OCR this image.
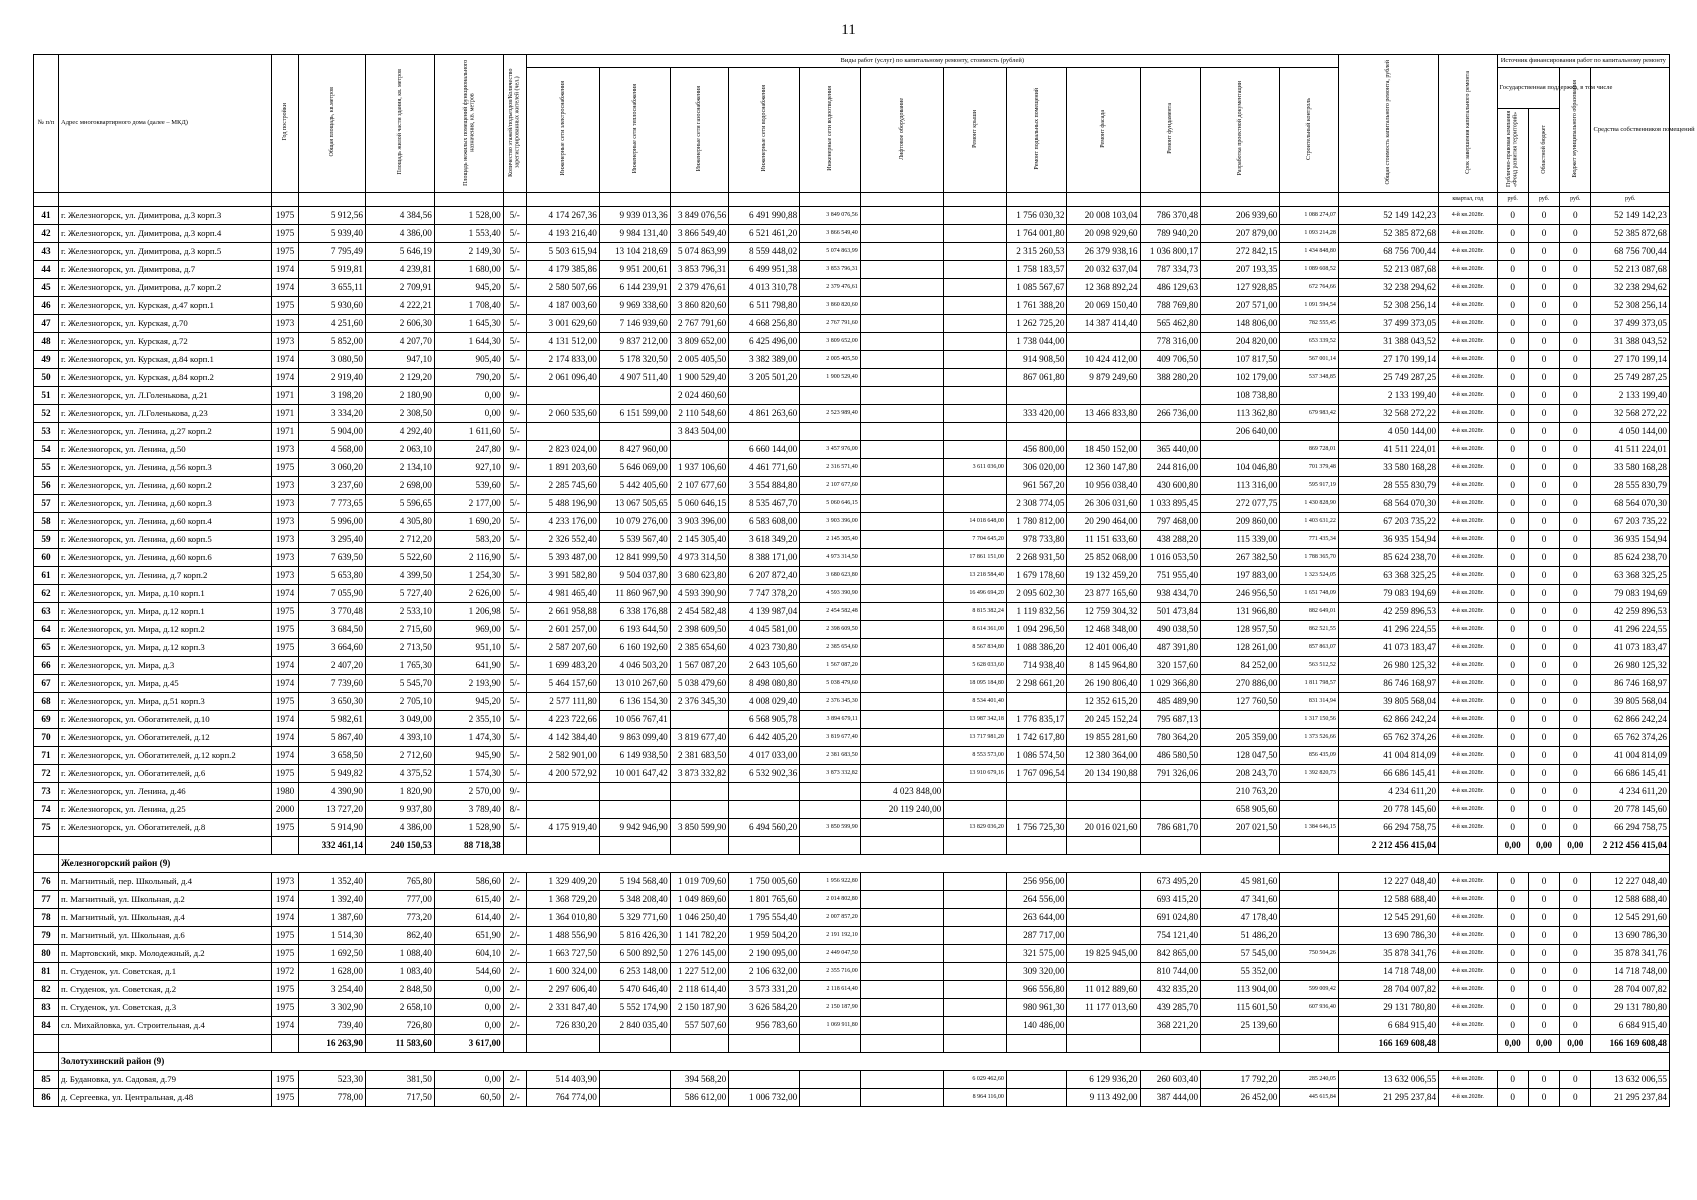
11
№ п/п	Адрес многоквартирного дома (далее – МКД)	Год постройки	Общая площадь, кв.метров	Площадь жилой части здания, кв. метров	Площадь нежилых помещений функционального назначения, кв. метров	Количество этажей/подъездов/Количество зарегистрированных жителей (чел.)	Виды работ (услуг) по капитальному ремонту, стоимость (рублей)												Общая стоимость капитального ремонта, рублей	Срок завершения капитального ремонта	Источник финансирования работ по капитальному ремонту			
							Инженерные сети электроснабжения	Инженерные сети теплоснабжения	Инженерные сети газоснабжения	Инженерные сети водоснабжения	Инженерные сети водоотведения	Лифтовое оборудование	Ремонт крыши	Ремонт подвальных помещений	Ремонт фасада	Ремонт фундамента	Разработка проектной документации	Строительный контроль			Государственная поддержка, в том числе		Бюджет муниципального образования	Средства собственников помещений
																					Публично-правовая компания «Фонд развития территорий»	Областной бюджет		
																				квартал, год	руб.	руб.	руб.	руб.
41	г. Железногорск, ул. Димитрова, д.3 корп.3	1975	5 912,56	4 384,56	1 528,00	5/-	4 174 267,36	9 939 013,36	3 849 076,56	6 491 990,88	3 849 076,56			1 756 030,32	20 008 103,04	786 370,48	206 939,60	1 088 274,07	52 149 142,23	4-й кв.2028г.	0	0	0	52 149 142,23
42	г. Железногорск, ул. Димитрова, д.3 корп.4	1975	5 939,40	4 386,00	1 553,40	5/-	4 193 216,40	9 984 131,40	3 866 549,40	6 521 461,20	3 866 549,40			1 764 001,80	20 098 929,60	789 940,20	207 879,00	1 093 214,28	52 385 872,68	4-й кв.2028г.	0	0	0	52 385 872,68
43	г. Железногорск, ул. Димитрова, д.3 корп.5	1975	7 795,49	5 646,19	2 149,30	5/-	5 503 615,94	13 104 218,69	5 074 863,99	8 559 448,02	5 074 863,99			2 315 260,53	26 379 938,16	1 036 800,17	272 842,15	1 434 848,80	68 756 700,44	4-й кв.2028г.	0	0	0	68 756 700,44
44	г. Железногорск, ул. Димитрова, д.7	1974	5 919,81	4 239,81	1 680,00	5/-	4 179 385,86	9 951 200,61	3 853 796,31	6 499 951,38	3 853 796,31			1 758 183,57	20 032 637,04	787 334,73	207 193,35	1 089 608,52	52 213 087,68	4-й кв.2028г.	0	0	0	52 213 087,68
45	г. Железногорск, ул. Димитрова, д.7 корп.2	1974	3 655,11	2 709,91	945,20	5/-	2 580 507,66	6 144 239,91	2 379 476,61	4 013 310,78	2 379 476,61			1 085 567,67	12 368 892,24	486 129,63	127 928,85	672 764,66	32 238 294,62	4-й кв.2028г.	0	0	0	32 238 294,62
46	г. Железногорск, ул. Курская, д.47 корп.1	1975	5 930,60	4 222,21	1 708,40	5/-	4 187 003,60	9 969 338,60	3 860 820,60	6 511 798,80	3 860 820,60			1 761 388,20	20 069 150,40	788 769,80	207 571,00	1 091 594,54	52 308 256,14	4-й кв.2028г.	0	0	0	52 308 256,14
47	г. Железногорск, ул. Курская, д.70	1973	4 251,60	2 606,30	1 645,30	5/-	3 001 629,60	7 146 939,60	2 767 791,60	4 668 256,80	2 767 791,60			1 262 725,20	14 387 414,40	565 462,80	148 806,00	782 555,45	37 499 373,05	4-й кв.2028г.	0	0	0	37 499 373,05
48	г. Железногорск, ул. Курская, д.72	1973	5 852,00	4 207,70	1 644,30	5/-	4 131 512,00	9 837 212,00	3 809 652,00	6 425 496,00	3 809 652,00			1 738 044,00		778 316,00	204 820,00	653 339,52	31 388 043,52	4-й кв.2028г.	0	0	0	31 388 043,52
49	г. Железногорск, ул. Курская, д.84 корп.1	1974	3 080,50	947,10	905,40	5/-	2 174 833,00	5 178 320,50	2 005 405,50	3 382 389,00	2 005 405,50			914 908,50	10 424 412,00	409 706,50	107 817,50	567 001,14	27 170 199,14	4-й кв.2028г.	0	0	0	27 170 199,14
50	г. Железногорск, ул. Курская, д.84 корп.2	1974	2 919,40	2 129,20	790,20	5/-	2 061 096,40	4 907 511,40	1 900 529,40	3 205 501,20	1 900 529,40			867 061,80	9 879 249,60	388 280,20	102 179,00	537 348,85	25 749 287,25	4-й кв.2028г.	0	0	0	25 749 287,25
51	г. Железногорск, ул. Л.Голенькова, д.21	1971	3 198,20	2 180,90	0,00	9/-			2 024 460,60								108 738,80		2 133 199,40	4-й кв.2028г.	0	0	0	2 133 199,40
52	г. Железногорск, ул. Л.Голенькова, д.23	1971	3 334,20	2 308,50	0,00	9/-	2 060 535,60	6 151 599,00	2 110 548,60	4 861 263,60	2 523 989,40			333 420,00	13 466 833,80	266 736,00	113 362,80	679 983,42	32 568 272,22	4-й кв.2028г.	0	0	0	32 568 272,22
53	г. Железногорск, ул. Ленина, д.27 корп.2	1971	5 904,00	4 292,40	1 611,60	5/-			3 843 504,00								206 640,00		4 050 144,00	4-й кв.2028г.	0	0	0	4 050 144,00
54	г. Железногорск, ул. Ленина, д.50	1973	4 568,00	2 063,10	247,80	9/-	2 823 024,00	8 427 960,00		6 660 144,00	3 457 976,00			456 800,00	18 450 152,00	365 440,00		869 728,01	41 511 224,01	4-й кв.2028г.	0	0	0	41 511 224,01
55	г. Железногорск, ул. Ленина, д.56 корп.3	1975	3 060,20	2 134,10	927,10	9/-	1 891 203,60	5 646 069,00	1 937 106,60	4 461 771,60	2 316 571,40		3 611 036,00	306 020,00	12 360 147,80	244 816,00	104 046,80	701 379,48	33 580 168,28	4-й кв.2028г.	0	0	0	33 580 168,28
56	г. Железногорск, ул. Ленина, д.60 корп.2	1973	3 237,60	2 698,00	539,60	5/-	2 285 745,60	5 442 405,60	2 107 677,60	3 554 884,80	2 107 677,60			961 567,20	10 956 038,40	430 600,80	113 316,00	595 917,19	28 555 830,79	4-й кв.2028г.	0	0	0	28 555 830,79
57	г. Железногорск, ул. Ленина, д.60 корп.3	1973	7 773,65	5 596,65	2 177,00	5/-	5 488 196,90	13 067 505,65	5 060 646,15	8 535 467,70	5 060 646,15			2 308 774,05	26 306 031,60	1 033 895,45	272 077,75	1 430 828,90	68 564 070,30	4-й кв.2028г.	0	0	0	68 564 070,30
58	г. Железногорск, ул. Ленина, д.60 корп.4	1973	5 996,00	4 305,80	1 690,20	5/-	4 233 176,00	10 079 276,00	3 903 396,00	6 583 608,00	3 903 396,00		14 018 648,00	1 780 812,00	20 290 464,00	797 468,00	209 860,00	1 403 631,22	67 203 735,22	4-й кв.2028г.	0	0	0	67 203 735,22
59	г. Железногорск, ул. Ленина, д.60 корп.5	1973	3 295,40	2 712,20	583,20	5/-	2 326 552,40	5 539 567,40	2 145 305,40	3 618 349,20	2 145 305,40		7 704 645,20	978 733,80	11 151 633,60	438 288,20	115 339,00	771 435,34	36 935 154,94	4-й кв.2028г.	0	0	0	36 935 154,94
60	г. Железногорск, ул. Ленина, д.60 корп.6	1973	7 639,50	5 522,60	2 116,90	5/-	5 393 487,00	12 841 999,50	4 973 314,50	8 388 171,00	4 973 314,50		17 861 151,00	2 268 931,50	25 852 068,00	1 016 053,50	267 382,50	1 788 365,70	85 624 238,70	4-й кв.2028г.	0	0	0	85 624 238,70
61	г. Железногорск, ул. Ленина, д.7 корп.2	1973	5 653,80	4 399,50	1 254,30	5/-	3 991 582,80	9 504 037,80	3 680 623,80	6 207 872,40	3 680 623,80		13 218 584,40	1 679 178,60	19 132 459,20	751 955,40	197 883,00	1 323 524,05	63 368 325,25	4-й кв.2028г.	0	0	0	63 368 325,25
62	г. Железногорск, ул. Мира, д.10 корп.1	1974	7 055,90	5 727,40	2 626,00	5/-	4 981 465,40	11 860 967,90	4 593 390,90	7 747 378,20	4 593 390,90		16 496 694,20	2 095 602,30	23 877 165,60	938 434,70	246 956,50	1 651 748,09	79 083 194,69	4-й кв.2028г.	0	0	0	79 083 194,69
63	г. Железногорск, ул. Мира, д.12 корп.1	1975	3 770,48	2 533,10	1 206,98	5/-	2 661 958,88	6 338 176,88	2 454 582,48	4 139 987,04	2 454 582,48		8 815 382,24	1 119 832,56	12 759 304,32	501 473,84	131 966,80	882 649,01	42 259 896,53	4-й кв.2028г.	0	0	0	42 259 896,53
64	г. Железногорск, ул. Мира, д.12 корп.2	1975	3 684,50	2 715,60	969,00	5/-	2 601 257,00	6 193 644,50	2 398 609,50	4 045 581,00	2 398 609,50		8 614 361,00	1 094 296,50	12 468 348,00	490 038,50	128 957,50	862 521,55	41 296 224,55	4-й кв.2028г.	0	0	0	41 296 224,55
65	г. Железногорск, ул. Мира, д.12 корп.3	1975	3 664,60	2 713,50	951,10	5/-	2 587 207,60	6 160 192,60	2 385 654,60	4 023 730,80	2 385 654,60		8 567 834,80	1 088 386,20	12 401 006,40	487 391,80	128 261,00	857 863,07	41 073 183,47	4-й кв.2028г.	0	0	0	41 073 183,47
66	г. Железногорск, ул. Мира, д.3	1974	2 407,20	1 765,30	641,90	5/-	1 699 483,20	4 046 503,20	1 567 087,20	2 643 105,60	1 567 087,20		5 628 033,60	714 938,40	8 145 964,80	320 157,60	84 252,00	563 512,52	26 980 125,32	4-й кв.2028г.	0	0	0	26 980 125,32
67	г. Железногорск, ул. Мира, д.45	1974	7 739,60	5 545,70	2 193,90	5/-	5 464 157,60	13 010 267,60	5 038 479,60	8 498 080,80	5 038 479,60		18 095 184,80	2 298 661,20	26 190 806,40	1 029 366,80	270 886,00	1 811 798,57	86 746 168,97	4-й кв.2028г.	0	0	0	86 746 168,97
68	г. Железногорск, ул. Мира, д.51 корп.3	1975	3 650,30	2 705,10	945,20	5/-	2 577 111,80	6 136 154,30	2 376 345,30	4 008 029,40	2 376 345,30		8 534 401,40		12 352 615,20	485 489,90	127 760,50	831 314,94	39 805 568,04	4-й кв.2028г.	0	0	0	39 805 568,04
69	г. Железногорск, ул. Обогатителей, д.10	1974	5 982,61	3 049,00	2 355,10	5/-	4 223 722,66	10 056 767,41		6 568 905,78	3 894 679,11		13 987 342,18	1 776 835,17	20 245 152,24	795 687,13		1 317 150,56	62 866 242,24	4-й кв.2028г.	0	0	0	62 866 242,24
70	г. Железногорск, ул. Обогатителей, д.12	1974	5 867,40	4 393,10	1 474,30	5/-	4 142 384,40	9 863 099,40	3 819 677,40	6 442 405,20	3 819 677,40		13 717 981,20	1 742 617,80	19 855 281,60	780 364,20	205 359,00	1 373 526,66	65 762 374,26	4-й кв.2028г.	0	0	0	65 762 374,26
71	г. Железногорск, ул. Обогатителей, д.12 корп.2	1974	3 658,50	2 712,60	945,90	5/-	2 582 901,00	6 149 938,50	2 381 683,50	4 017 033,00	2 381 683,50		8 553 573,00	1 086 574,50	12 380 364,00	486 580,50	128 047,50	856 435,09	41 004 814,09	4-й кв.2028г.	0	0	0	41 004 814,09
72	г. Железногорск, ул. Обогатителей, д.6	1975	5 949,82	4 375,52	1 574,30	5/-	4 200 572,92	10 001 647,42	3 873 332,82	6 532 902,36	3 873 332,82		13 910 679,16	1 767 096,54	20 134 190,88	791 326,06	208 243,70	1 392 820,73	66 686 145,41	4-й кв.2028г.	0	0	0	66 686 145,41
73	г. Железногорск, ул. Ленина, д.46	1980	4 390,90	1 820,90	2 570,00	9/-						4 023 848,00					210 763,20		4 234 611,20	4-й кв.2028г.	0	0	0	4 234 611,20
74	г. Железногорск, ул. Ленина, д.25	2000	13 727,20	9 937,80	3 789,40	8/-						20 119 240,00					658 905,60		20 778 145,60	4-й кв.2028г.	0	0	0	20 778 145,60
75	г. Железногорск, ул. Обогатителей, д.8	1975	5 914,90	4 386,00	1 528,90	5/-	4 175 919,40	9 942 946,90	3 850 599,90	6 494 560,20	3 850 599,90		13 829 036,20	1 756 725,30	20 016 021,60	786 681,70	207 021,50	1 384 646,15	66 294 758,75	4-й кв.2028г.	0	0	0	66 294 758,75
			332 461,14	240 150,53	88 718,38														2 212 456 415,04		0,00	0,00	0,00	2 212 456 415,04
	Железногорский район (9)																							
76	п. Магнитный, пер. Школьный, д.4	1973	1 352,40	765,80	586,60	2/-	1 329 409,20	5 194 568,40	1 019 709,60	1 750 005,60	1 956 922,80			256 956,00		673 495,20	45 981,60		12 227 048,40	4-й кв.2028г.	0	0	0	12 227 048,40
77	п. Магнитный, ул. Школьная, д.2	1974	1 392,40	777,00	615,40	2/-	1 368 729,20	5 348 208,40	1 049 869,60	1 801 765,60	2 014 802,80			264 556,00		693 415,20	47 341,60		12 588 688,40	4-й кв.2028г.	0	0	0	12 588 688,40
78	п. Магнитный, ул. Школьная, д.4	1974	1 387,60	773,20	614,40	2/-	1 364 010,80	5 329 771,60	1 046 250,40	1 795 554,40	2 007 857,20			263 644,00		691 024,80	47 178,40		12 545 291,60	4-й кв.2028г.	0	0	0	12 545 291,60
79	п. Магнитный, ул. Школьная, д.6	1975	1 514,30	862,40	651,90	2/-	1 488 556,90	5 816 426,30	1 141 782,20	1 959 504,20	2 191 192,10			287 717,00		754 121,40	51 486,20		13 690 786,30	4-й кв.2028г.	0	0	0	13 690 786,30
80	п. Мартовский, мкр. Молодежный, д.2	1975	1 692,50	1 088,40	604,10	2/-	1 663 727,50	6 500 892,50	1 276 145,00	2 190 095,00	2 449 047,50			321 575,00	19 825 945,00	842 865,00	57 545,00	750 504,26	35 878 341,76	4-й кв.2028г.	0	0	0	35 878 341,76
81	п. Студенок, ул. Советская, д.1	1972	1 628,00	1 083,40	544,60	2/-	1 600 324,00	6 253 148,00	1 227 512,00	2 106 632,00	2 355 716,00			309 320,00		810 744,00	55 352,00		14 718 748,00	4-й кв.2028г.	0	0	0	14 718 748,00
82	п. Студенок, ул. Советская, д.2	1975	3 254,40	2 848,50	0,00	2/-	2 297 606,40	5 470 646,40	2 118 614,40	3 573 331,20	2 118 614,40			966 556,80	11 012 889,60	432 835,20	113 904,00	599 009,42	28 704 007,82	4-й кв.2028г.	0	0	0	28 704 007,82
83	п. Студенок, ул. Советская, д.3	1975	3 302,90	2 658,10	0,00	2/-	2 331 847,40	5 552 174,90	2 150 187,90	3 626 584,20	2 150 187,90			980 961,30	11 177 013,60	439 285,70	115 601,50	607 936,40	29 131 780,80	4-й кв.2028г.	0	0	0	29 131 780,80
84	сл. Михайловка, ул. Строительная, д.4	1974	739,40	726,80	0,00	2/-	726 830,20	2 840 035,40	557 507,60	956 783,60	1 069 911,80			140 486,00		368 221,20	25 139,60		6 684 915,40	4-й кв.2028г.	0	0	0	6 684 915,40
			16 263,90	11 583,60	3 617,00														166 169 608,48		0,00	0,00	0,00	166 169 608,48
	Золотухинский район (9)																							
85	д. Будановка, ул. Садовая, д.79	1975	523,30	381,50	0,00	2/-	514 403,90		394 568,20				6 029 462,60		6 129 936,20	260 603,40	17 792,20	285 240,05	13 632 006,55	4-й кв.2028г.	0	0	0	13 632 006,55
86	д. Сергеевка, ул. Центральная, д.48	1975	778,00	717,50	60,50	2/-	764 774,00		586 612,00	1 006 732,00			8 964 116,00		9 113 492,00	387 444,00	26 452,00	445 615,84	21 295 237,84	4-й кв.2028г.	0	0	0	21 295 237,84
